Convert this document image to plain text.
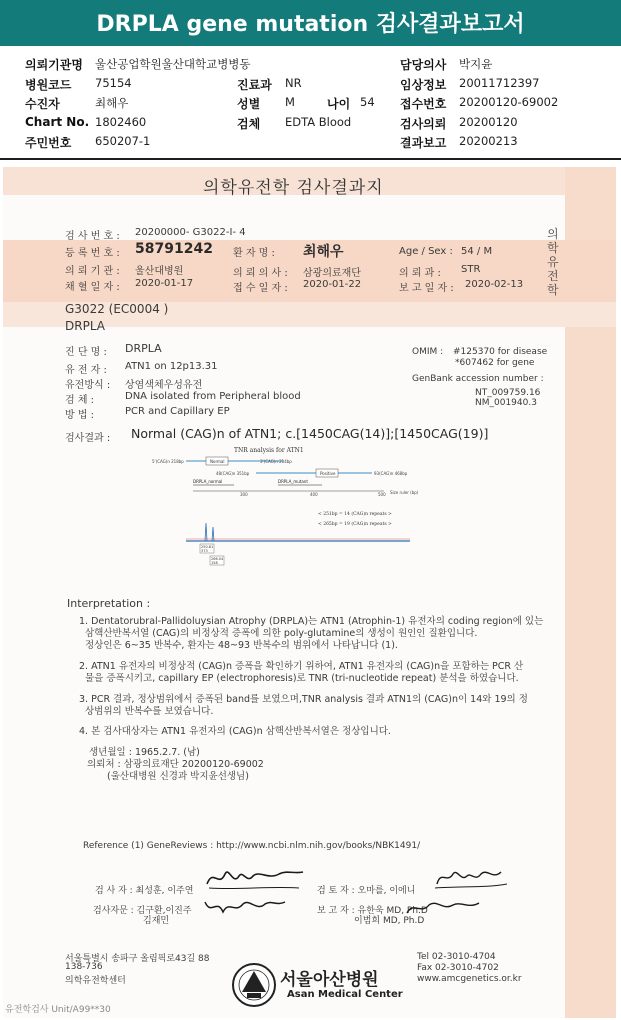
DRPLA gene mutation 검사결과보고서
의뢰기관명 울산공업학원울산대학교병병동	담당의사 박지윤
병원코드 75154	진료과 NR	임상정보 20011712397
수진자	최해우	성별 M	나이 54 접수번호 20200120-69002
Chart No. 1802460	검체 EDTA Blood	검사의뢰 20200120
주민번호 650207-1	결과보고 20200213
의학유전학 검사결과지
의
학
유
전
학
검 사 번 호 : 20200000- G3022-I- 4
등 록 번 호 : 58791242 환 자 명 : 최해우	Age / Sex : 54 / M
의 뢰 기 관 : 울산대병원	의 뢰 의 사 : 삼광의료재단	의 뢰 과 : STR
채 혈 일 자 : 2020-01-17	접 수 일 자 : 2020-01-22	보 고 일 자 : 2020-02-13
G3022 (EC0004 )
DRPLA
진 단 명 : DRPLA
유 전 자 : ATN1 on 12p13.31
유전방식 : 상염색체우성유전
검 체 :	DNA isolated from Peripheral blood
방 법 :	PCR and Capillary EP
OMIM : #125370 for disease
*607462 for gene
GenBank accession number :
NT_009759.16
NM_001940.3
검사결과 : Normal (CAG)n of ATN1; c.[1450CAG(14)];[1450CAG(19)]
TNR analysis for ATN1
5'(CAG)n 218bp	Normal	3'(CAG)n 214bp
48(CAG)n 351bp	Positive	93(CAG)n 468bp
DRPLA_normal	DRPLA_mutant
300	400	500 Size ruler (bp)
< 251bp = 14 (CAG)n repeats >
< 265bp = 19 (CAG)n repeats >
250.81
373
266.04
158
Interpretation :
1. Dentatorubral-Pallidoluysian Atrophy (DRPLA)는 ATN1 (Atrophin-1) 유전자의 coding region에 있는
삼핵산반복서열 (CAG)의 비정상적 증폭에 의한 poly-glutamine의 생성이 원인인 질환입니다.
정상인은 6~35 반복수, 환자는 48~93 반복수의 범위에서 나타납니다 (1).
2. ATN1 유전자의 비정상적 (CAG)n 증폭을 확인하기 위하여, ATN1 유전자의 (CAG)n을 포함하는 PCR 산
물을 증폭시키고, capillary EP (electrophoresis)로 TNR (tri-nucleotide repeat) 분석을 하였습니다.
3. PCR 결과, 정상범위에서 증폭된 band를 보였으며,TNR analysis 결과 ATN1의 (CAG)n이 14와 19의 정
상범위의 반복수를 보였습니다.
4. 본 검사대상자는 ATN1 유전자의 (CAG)n 삼핵산반복서열은 정상입니다.
생년월일 : 1965.2.7. (남)
의뢰처 : 삼광의료재단 20200120-69002
(울산대병원 신경과 박지윤선생님)
Reference (1) GeneReviews : http://www.ncbi.nlm.nih.gov/books/NBK1491/
검 사 자 : 최성훈, 이주연	검 토 자 : 오마를, 이에니
검사자문 : 김구환,이진주
김재민
보 고 자 : 유한욱 MD, Ph.D
이범희 MD, Ph.D
서울특별시 송파구 올림픽로43길 88
138-736
의학유전학센터	서울아산병원
Asan Medical Center
Tel 02-3010-4704
Fax 02-3010-4702
www.amcgenetics.or.kr
유전학검사 Unit/A99**30
